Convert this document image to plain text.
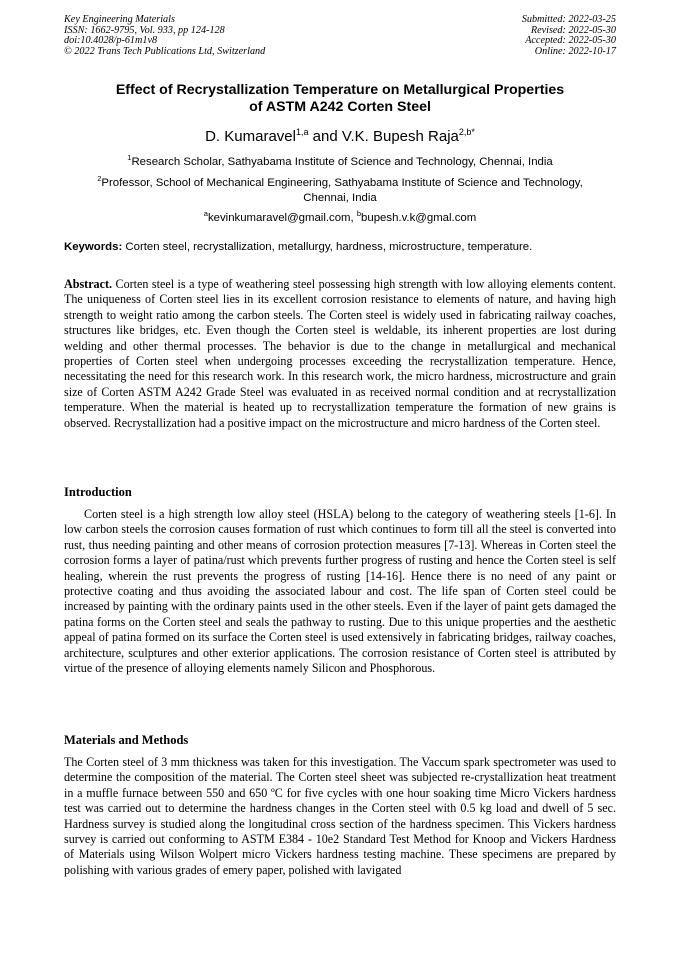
Key Engineering Materials
ISSN: 1662-9795, Vol. 933, pp 124-128
doi:10.4028/p-61m1v8
© 2022 Trans Tech Publications Ltd, Switzerland
Submitted: 2022-03-25
Revised: 2022-05-30
Accepted: 2022-05-30
Online: 2022-10-17
Effect of Recrystallization Temperature on Metallurgical Properties
of ASTM A242 Corten Steel
D. Kumaravel$^{1,a}$ and V.K. Bupesh Raja$^{2,b*}$
$^1$Research Scholar, Sathyabama Institute of Science and Technology, Chennai, India
$^2$Professor, School of Mechanical Engineering, Sathyabama Institute of Science and Technology,
Chennai, India
$^a$kevinkumaravel@gmail.com, $^b$bupesh.v.k@gmal.com
Keywords: Corten steel, recrystallization, metallurgy, hardness, microstructure, temperature.
Abstract. Corten steel is a type of weathering steel possessing high strength with low alloying elements content. The uniqueness of Corten steel lies in its excellent corrosion resistance to elements of nature, and having high strength to weight ratio among the carbon steels. The Corten steel is widely used in fabricating railway coaches, structures like bridges, etc. Even though the Corten steel is weldable, its inherent properties are lost during welding and other thermal processes. The behavior is due to the change in metallurgical and mechanical properties of Corten steel when undergoing processes exceeding the recrystallization temperature. Hence, necessitating the need for this research work. In this research work, the micro hardness, microstructure and grain size of Corten ASTM A242 Grade Steel was evaluated in as received normal condition and at recrystallization temperature. When the material is heated up to recrystallization temperature the formation of new grains is observed. Recrystallization had a positive impact on the microstructure and micro hardness of the Corten steel.
Introduction
Corten steel is a high strength low alloy steel (HSLA) belong to the category of weathering steels [1-6]. In low carbon steels the corrosion causes formation of rust which continues to form till all the steel is converted into rust, thus needing painting and other means of corrosion protection measures [7-13]. Whereas in Corten steel the corrosion forms a layer of patina/rust which prevents further progress of rusting and hence the Corten steel is self healing, wherein the rust prevents the progress of rusting [14-16]. Hence there is no need of any paint or protective coating and thus avoiding the associated labour and cost. The life span of Corten steel could be increased by painting with the ordinary paints used in the other steels. Even if the layer of paint gets damaged the patina forms on the Corten steel and seals the pathway to rusting. Due to this unique properties and the aesthetic appeal of patina formed on its surface the Corten steel is used extensively in fabricating bridges, railway coaches, architecture, sculptures and other exterior applications. The corrosion resistance of Corten steel is attributed by virtue of the presence of alloying elements namely Silicon and Phosphorous.
Materials and Methods
The Corten steel of 3 mm thickness was taken for this investigation. The Vaccum spark spectrometer was used to determine the composition of the material. The Corten steel sheet was subjected re-crystallization heat treatment in a muffle furnace between 550 and 650 ºC for five cycles with one hour soaking time Micro Vickers hardness test was carried out to determine the hardness changes in the Corten steel with 0.5 kg load and dwell of 5 sec. Hardness survey is studied along the longitudinal cross section of the hardness specimen. This Vickers hardness survey is carried out conforming to ASTM E384 - 10e2 Standard Test Method for Knoop and Vickers Hardness of Materials using Wilson Wolpert micro Vickers hardness testing machine. These specimens are prepared by polishing with various grades of emery paper, polished with lavigated
